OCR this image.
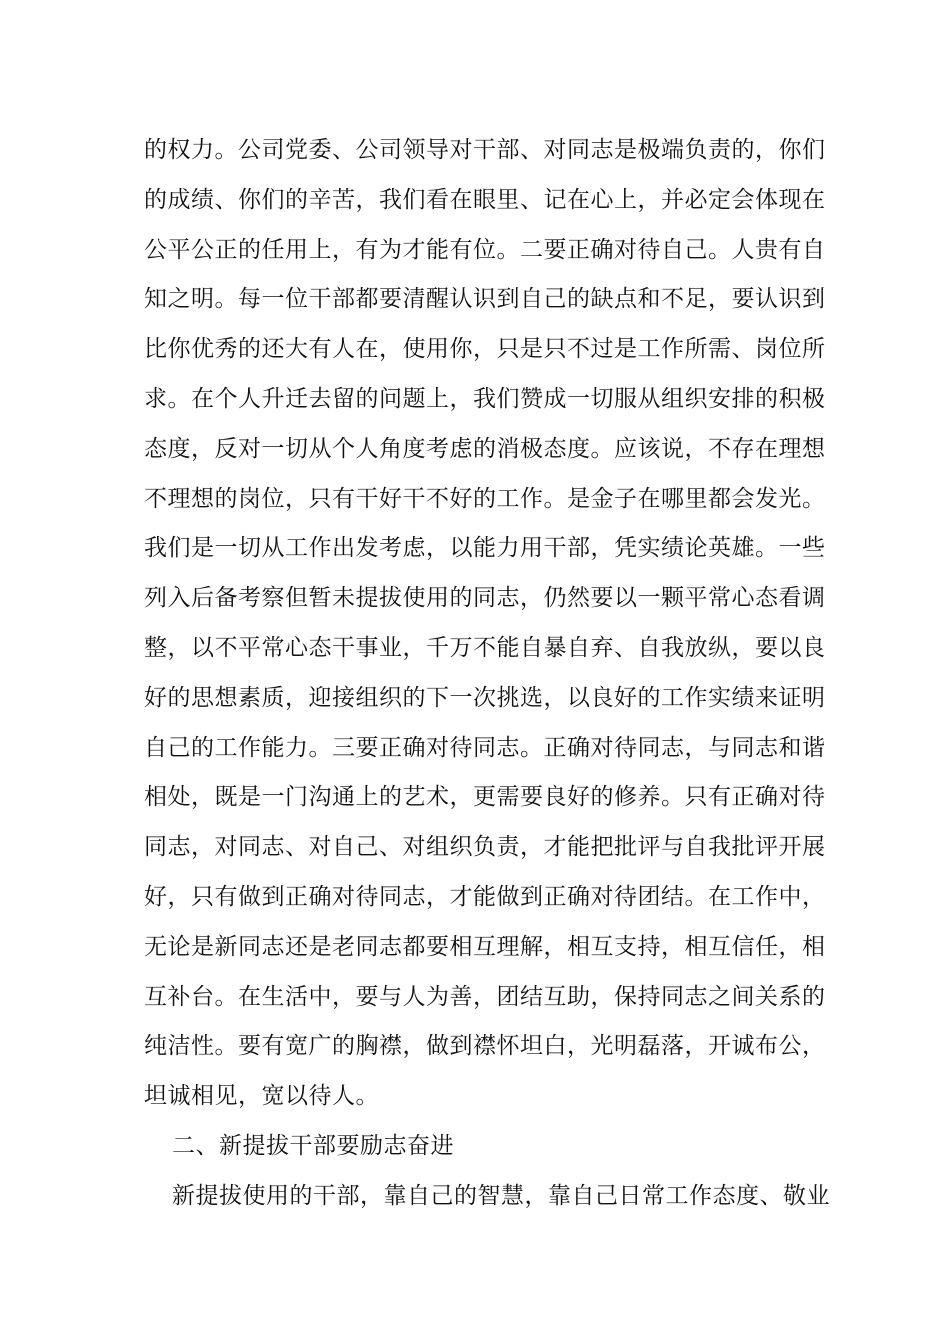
的权力。公司党委、公司领导对干部、对同志是极端负责的，你们
的成绩、你们的辛苦，我们看在眼里、记在心上，并必定会体现在
公平公正的任用上，有为才能有位。二要正确对待自己。人贵有自
知之明。每一位干部都要清醒认识到自己的缺点和不足，要认识到
比你优秀的还大有人在，使用你，只是只不过是工作所需、岗位所
求。在个人升迁去留的问题上，我们赞成一切服从组织安排的积极
态度，反对一切从个人角度考虑的消极态度。应该说，不存在理想
不理想的岗位，只有干好干不好的工作。是金子在哪里都会发光。
我们是一切从工作出发考虑，以能力用干部，凭实绩论英雄。一些
列入后备考察但暂未提拔使用的同志，仍然要以一颗平常心态看调
整，以不平常心态干事业，千万不能自暴自弃、自我放纵，要以良
好的思想素质，迎接组织的下一次挑选，以良好的工作实绩来证明
自己的工作能力。三要正确对待同志。正确对待同志，与同志和谐
相处，既是一门沟通上的艺术，更需要良好的修养。只有正确对待
同志，对同志、对自己、对组织负责，才能把批评与自我批评开展
好，只有做到正确对待同志，才能做到正确对待团结。在工作中，
无论是新同志还是老同志都要相互理解，相互支持，相互信任，相
互补台。在生活中，要与人为善，团结互助，保持同志之间关系的
纯洁性。要有宽广的胸襟，做到襟怀坦白，光明磊落，开诚布公，
坦诚相见，宽以待人。
二、新提拔干部要励志奋进
新提拔使用的干部，靠自己的智慧，靠自己日常工作态度、敬业
